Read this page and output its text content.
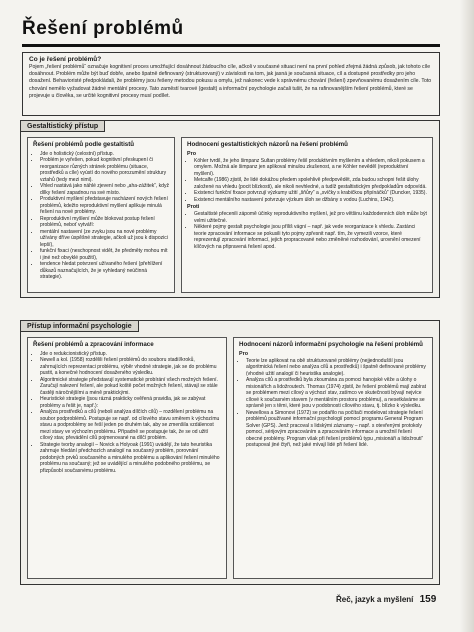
Řešení problémů
Co je řešení problémů?

Pojem „řešení problémů“ označuje kognitivní proces umožňující dosáhnout žádoucího cíle, ačkoli v současné situaci není na první pohled zřejmá žádná způsob, jak tohoto cíle dosáhnout. Problém může být buď dobře, anebo špatně definovaný (strukturovaný) v závislosti na tom, jak jasná je současná situace, cíl a dostupné prostředky pro jeho dosažení. Behavioristé předpokládali, že problémy jsou řešeny metodou pokusu a omylu, jež nakonec vede k správnému chování (řešení) zpevňovanému dosažením cíle. Toto chování nemělo vyžadovat žádné mentální procesy. Tato zaměstí tvarové (gestalt) a informační psychologie začali tušit, že na rafinovanějším řešení problémů, které se projevuje u člověka, se určité kognitivní procesy musí podílet.

Gestaltistický přístup
Řešení problémů podle gestaltistů
• Jde o holistický (celostní) přístup.
• Problém je vyřešen, pokud kognitivní přeskupení či reorganizace různých stránek problému (situace, prostředků a cíle) vyústí do nového porozumění struktury vztahů (tedy mezi nimi).
• Vhled nastává jako náhlé zjevení nebo „aha-zážitek“, když dílky řešení zapadnou na své místo.
• Produktivní myšlení představuje nacházení nových řešení problémů, kdežto reproduktivní myšlení aplikuje minulá řešení na nové problémy.
• Reproduktivní myšlení může blokovat postup řešení problémů, neboť vytváří:
• mentální nastavení (ze zvyku jsou na nové problémy užívány dříve úspěšné strategie, ačkoli už jsou k dispozici lepší),
• funkční fixaci (neschopnost vidět, že předměty mohou mít i jiné než obvyklé použití),
• tendence hledat potvrzení užívaného řešení (přehlížení důkazů naznačujících, že je vyhledaný neúčinná strategie).
Hodnocení gestaltistických názorů na řešení problémů
Pro
• Köhler tvrdil, že jeho šimpanz Sultan problémy řešil produktivním myšlením a vhledem, nikoli pokusem a omylem. Možná ale šimpanz jen aplikoval minulou zkušenost, a ne Köhler nevěděl (reproduktivní myšlení).
• Metcalfe (1986) zjistil, že lidé dokážou předem spolehlivě předpovědět, zda budou schopni řešit úlohy založené na vhledu (pocit blízkosti), ale nikoli nevhledné, a tudíž gestaltistickým předpokladům odpovídá.
• Existenci funkční fixace potvrzují výzkumy užití „šňůry“ a „svíčky s krabičkou připínáčků“ (Duncker, 1935).
• Existenci mentálního nastavení potvrzuje výzkum úloh se džbány s vodou (Luchins, 1942).
Proti
• Gestaltisté přecenili zápomě účinky reproduktivního myšlení, jež pro většinu každodenních úloh může být velmi užitečné.
• Některé pojmy gestalt psychologie jsou příliš vágní – např. jak vede reorganizace k vhledu. Zastánci teorie zpracování informace se pokusili tyto pojmy zpřesnit např. tím, že vymezili vzorce, které reprezentují zpracování informací, jejich propracované nebo změněné rozhodování, urovnění omezení klíčových na připravená řešení apod.
Přístup informační psychologie
Řešení problémů a zpracování informace
• Jde o redukcionistický přístup.
• Newell a kol. (1958) rozdělili řešení problémů do souboru stadií/kroků, zahrnujících reprezentaci problému, výběr vhodné strategie, jak se do problému pustit, a konečné hodnocení dosaženého výsledku.
• Algoritmické strategie představují systematické probírání všech možných řešení. Zaručují nalezení řešení, ale pokud koště počet možných řešení, stávají se stále častěji náročnějšími a méně praktickými.
• Heuristické strategie (jsou rázná prakticky ověřená pravidla, jak se zabývat problémy a řešit je, např.):
• Analýza prostředků a cílů (neboli analýza dílčích cílů) – rozdělení problému na soubor podproblémů. Postupuje se např. od cílového stavu směrem k výchozímu stavu a podproblémy se řeší jeden po druhém tak, aby se zmenšila vzdálenost mezi stavy ve výchozím problému. Případně se postupuje tak, že se od užití cílový stav, převádění cílů pojmenované na dílčí problém.
• Strategie tvorby analogií – Novick a Holyoak (1991) uvádějí, že tato heuristika zahrnuje hledání předchozích analogií na současný problém, porovnání podobných prvků současného a minulého problému a aplikování řešení minulého problému na současný; jež se uvádějící a minulého podobného problému, se přizpůsobí současnému problému.
Hodnocení názorů informační psychologie na řešení problémů
Pro
• Teorie lze aplikovat na obě strukturované problémy (nejjednodušší jsou algoritmická řešení nebo analýza cílů a prostředků) i špatně definované problémy (vhodné užití analogií či heuristika analogie).
• Analýza cílů a prostředků byla zkoumána za pomoci hanojské věže a úlohy o misionářích a lidožroutech. Thomas (1974) zjistil, že řešení problémů mají zabírat se problémem mezi cílový a výchozí stav, zatímco ve skutečnosti bývají nejvíce cílové k současném stavem (v mentálním prostoru problému), a nesetkáváme se správně jen s těmi, které jsou v podobnosti cílového stavu, tj. blízko k výsledku.
• Newellova a Simonovi (1972) se podařilo na počítači modelovat strategie řešení problémů používané informační psychologií pomocí programu General Program Solver (GPS). Jenž pracoval s lidskými záznamy – např. s otevřenými protokoly pomocí, sérijovým zpracováním a zpracováním informace a umožnil řešení obecné problémy. Program však při řešení problémů typu „misionáři a lidožrouti“ postupoval jiné čtyři, než jaké mívají lidé při řešení lidé.
Řeč, jazyk a myšlení 159
